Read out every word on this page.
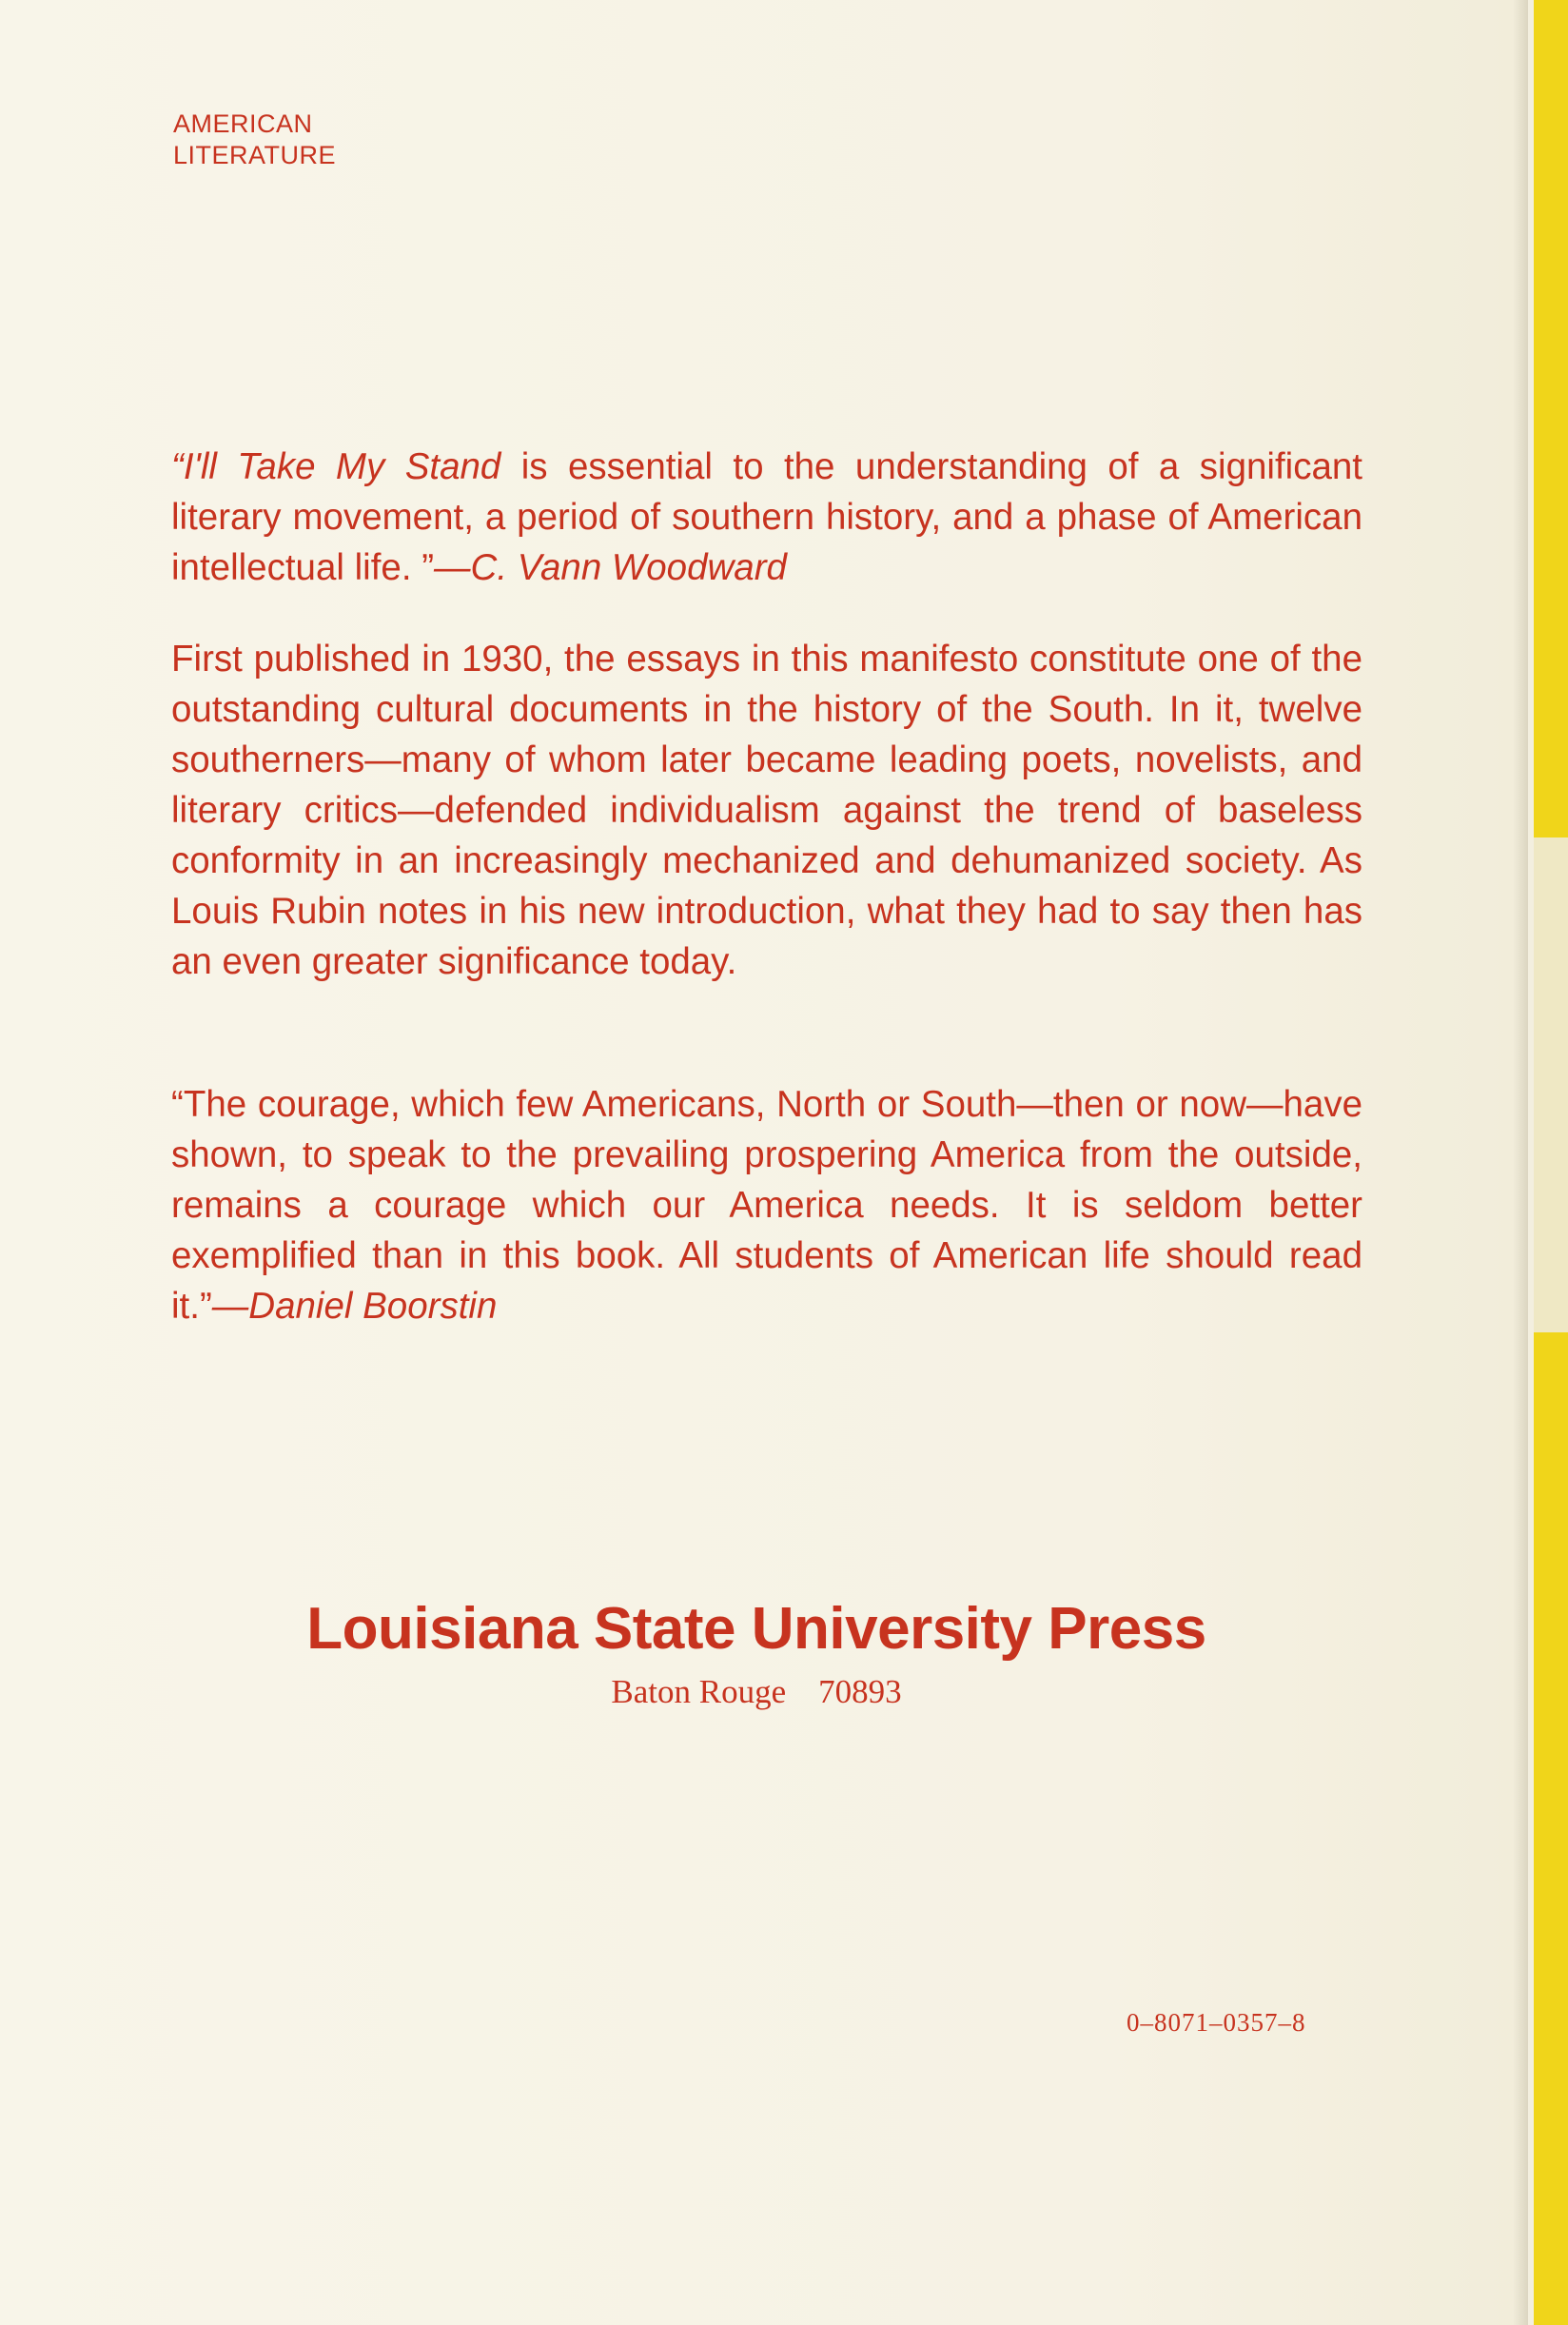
AMERICAN
LITERATURE
“I'll Take My Stand is essential to the understanding of a significant literary movement, a period of southern history, and a phase of American intellectual life. ”—C. Vann Woodward
First published in 1930, the essays in this manifesto constitute one of the outstanding cultural documents in the history of the South. In it, twelve southerners—many of whom later became leading poets, novelists, and literary critics—defended individualism against the trend of baseless conformity in an increasingly mechanized and dehumanized society. As Louis Rubin notes in his new introduction, what they had to say then has an even greater significance today.
“The courage, which few Americans, North or South—then or now—have shown, to speak to the prevailing prospering America from the outside, remains a courage which our America needs. It is seldom better exemplified than in this book. All students of American life should read it.”—Daniel Boorstin
Louisiana State University Press
Baton Rouge 70893
0–8071–0357–8
